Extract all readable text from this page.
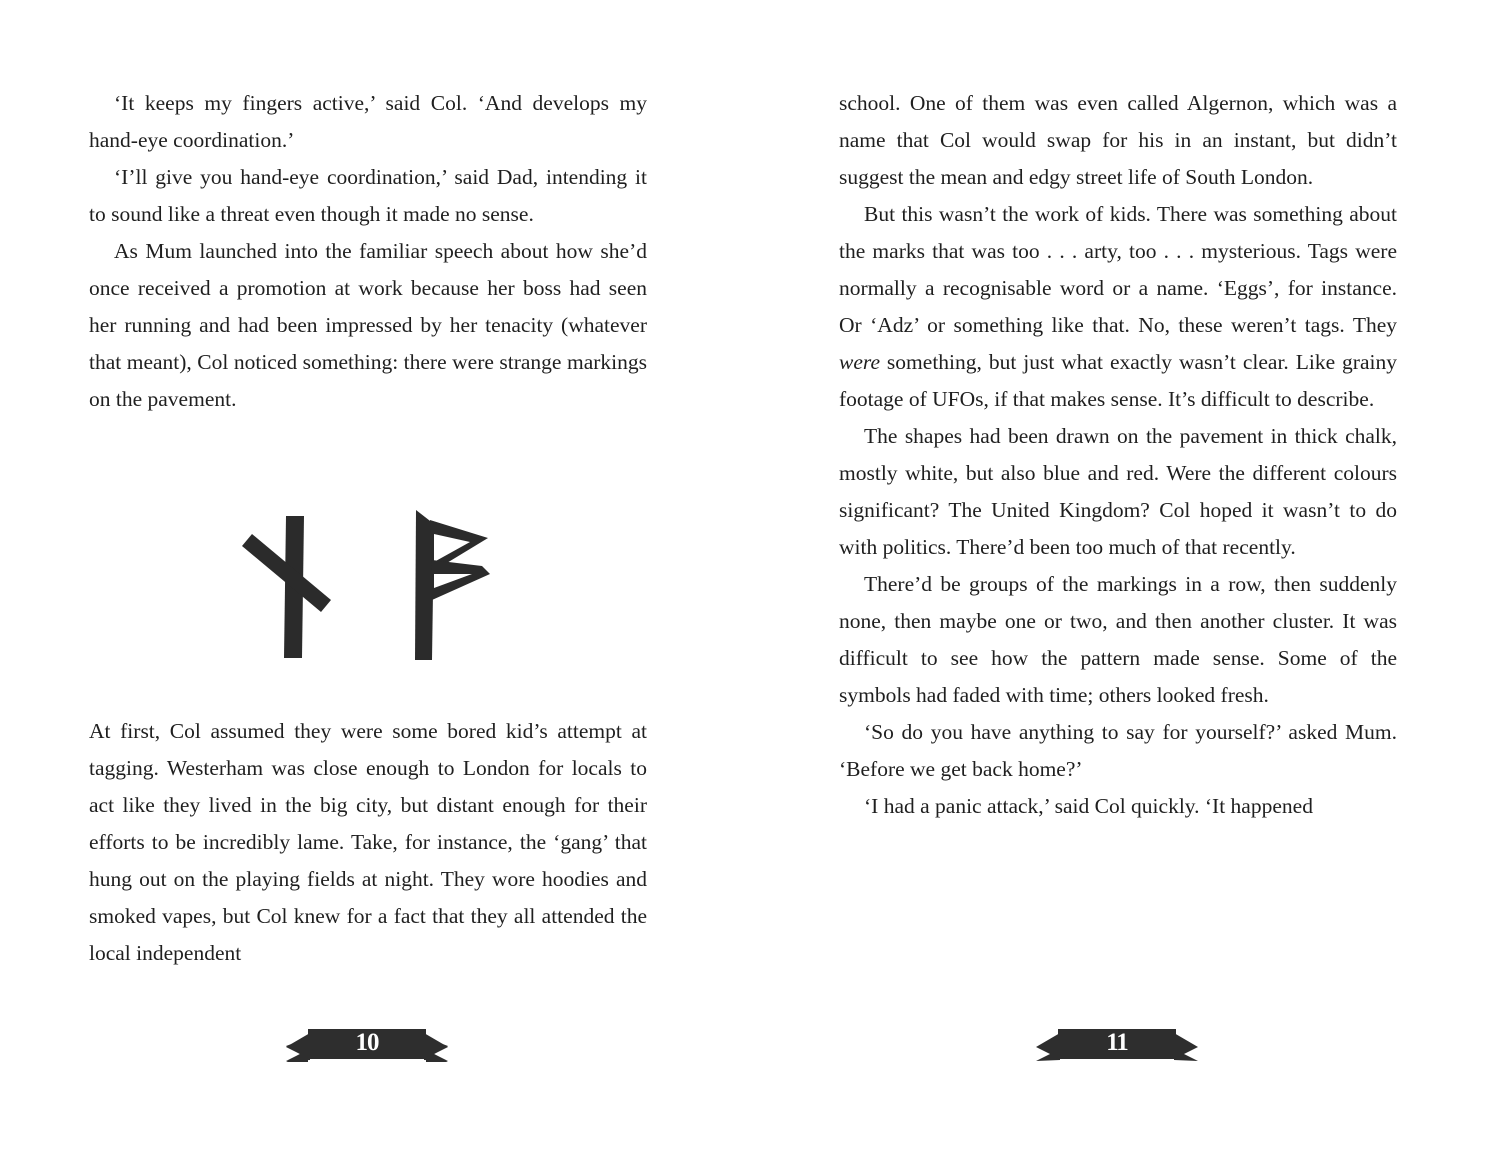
‘It keeps my fingers active,’ said Col. ‘And develops my hand-eye coordination.’

‘I’ll give you hand-eye coordination,’ said Dad, intending it to sound like a threat even though it made no sense.

As Mum launched into the familiar speech about how she’d once received a promotion at work because her boss had seen her running and had been impressed by her tenacity (whatever that meant), Col noticed something: there were strange markings on the pavement.

At first, Col assumed they were some bored kid’s attempt at tagging. Westerham was close enough to London for locals to act like they lived in the big city, but distant enough for their efforts to be incredibly lame. Take, for instance, the ‘gang’ that hung out on the playing fields at night. They wore hoodies and smoked vapes, but Col knew for a fact that they all attended the local independent

10

school. One of them was even called Algernon, which was a name that Col would swap for his in an instant, but didn’t suggest the mean and edgy street life of South London.

But this wasn’t the work of kids. There was something about the marks that was too . . . arty, too . . . mysterious. Tags were normally a recognisable word or a name. ‘Eggs’, for instance. Or ‘Adz’ or something like that. No, these weren’t tags. They were something, but just what exactly wasn’t clear. Like grainy footage of UFOs, if that makes sense. It’s difficult to describe.

The shapes had been drawn on the pavement in thick chalk, mostly white, but also blue and red. Were the different colours significant? The United Kingdom? Col hoped it wasn’t to do with politics. There’d been too much of that recently.

There’d be groups of the markings in a row, then suddenly none, then maybe one or two, and then another cluster. It was difficult to see how the pattern made sense. Some of the symbols had faded with time; others looked fresh.

‘So do you have anything to say for yourself?’ asked Mum. ‘Before we get back home?’

‘I had a panic attack,’ said Col quickly. ‘It happened

11
